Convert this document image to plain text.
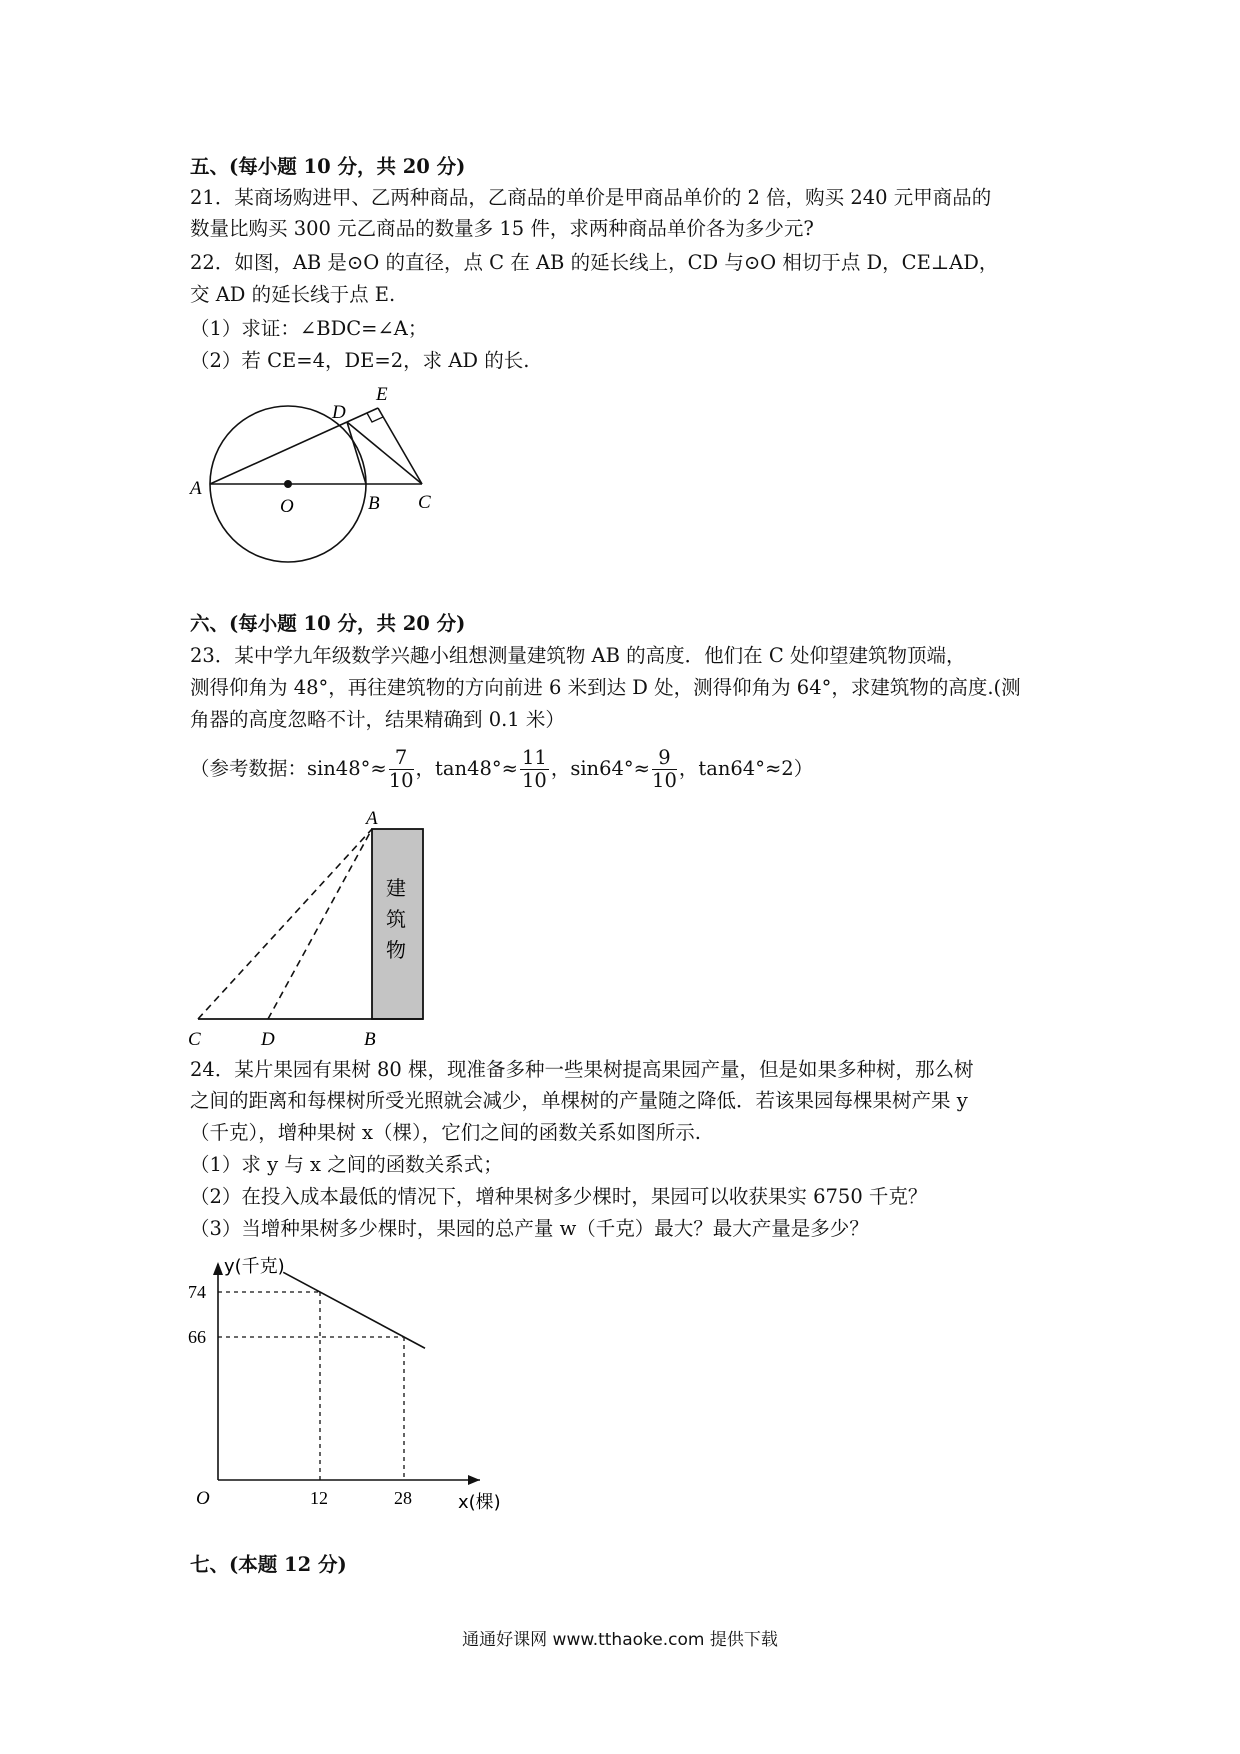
五、(每小题 10 分，共 20 分)
21．某商场购进甲、乙两种商品，乙商品的单价是甲商品单价的 2 倍，购买 240 元甲商品的
数量比购买 300 元乙商品的数量多 15 件，求两种商品单价各为多少元?
22．如图，AB 是⊙O 的直径，点 C 在 AB 的延长线上，CD 与⊙O 相切于点 D，CE⊥AD，
交 AD 的延长线于点 E.
（1）求证：∠BDC=∠A；
（2）若 CE=4，DE=2，求 AD 的长.
A
O	B C
D
E
六、(每小题 10 分，共 20 分)
23．某中学九年级数学兴趣小组想测量建筑物 AB 的高度．他们在 C 处仰望建筑物顶端，
测得仰角为 48°，再往建筑物的方向前进 6 米到达 D 处，测得仰角为 64°，求建筑物的高度.(测
角器的高度忽略不计，结果精确到 0.1 米）
（参考数据：$\sin 48^\circ\approx \frac{7}{10}$ ，$\tan 48^\circ\approx \frac{11}{10}$ ，$\sin 64^\circ\approx \frac{9}{10}$ ，tan64°≈2）
A
C	D	B
建
筑
物
24．某片果园有果树 80 棵，现准备多种一些果树提高果园产量，但是如果多种树，那么树
之间的距离和每棵树所受光照就会减少，单棵树的产量随之降低．若该果园每棵果树产果 y
（千克），增种果树 x（棵），它们之间的函数关系如图所示.
（1）求 y 与 x 之间的函数关系式；
（2）在投入成本最低的情况下，增种果树多少棵时，果园可以收获果实 6750 千克？
（3）当增种果树多少棵时，果园的总产量 w（千克）最大？最大产量是多少？
y(千克)
x(棵)
O	12	28
74
66
七、(本题 12 分)
通通好课网 www.tthaoke.com 提供下载
